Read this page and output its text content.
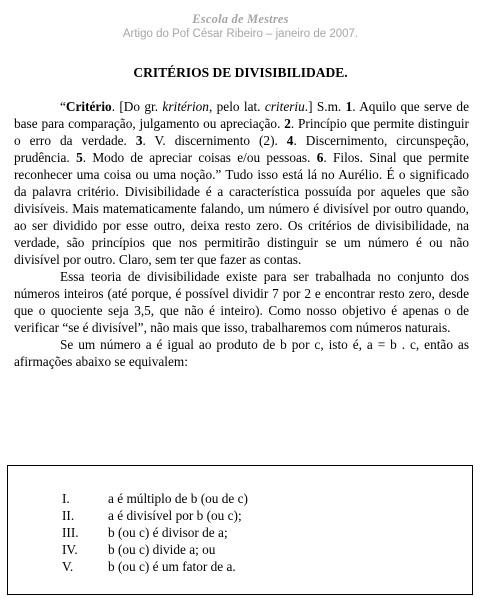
Escola de Mestres
Artigo do Pof César Ribeiro – janeiro de 2007.
CRITÉRIOS DE DIVISIBILIDADE.

“Critério. [Do gr. kritérion, pelo lat. criteriu.] S.m. 1. Aquilo que serve de base para comparação, julgamento ou apreciação. 2. Princípio que permite distinguir o erro da verdade. 3. V. discernimento (2). 4. Discernimento, circunspeção, prudência. 5. Modo de apreciar coisas e/ou pessoas. 6. Filos. Sinal que permite reconhecer uma coisa ou uma noção.” Tudo isso está lá no Aurélio. É o significado da palavra critério. Divisibilidade é a característica possuída por aqueles que são divisíveis. Mais matematicamente falando, um número é divisível por outro quando, ao ser dividido por esse outro, deixa resto zero. Os critérios de divisibilidade, na verdade, são princípios que nos permitirão distinguir se um número é ou não divisível por outro. Claro, sem ter que fazer as contas.

Essa teoria de divisibilidade existe para ser trabalhada no conjunto dos números inteiros (até porque, é possível dividir 7 por 2 e encontrar resto zero, desde que o quociente seja 3,5, que não é inteiro). Como nosso objetivo é apenas o de verificar “se é divisível”, não mais que isso, trabalharemos com números naturais.

Se um número a é igual ao produto de b por c, isto é, a = b . c, então as afirmações abaixo se equivalem:

I.	a é múltiplo de b (ou de c)
II.	a é divisível por b (ou c);
III.	b (ou c) é divisor de a;
IV.	b (ou c) divide a; ou
V.	b (ou c) é um fator de a.
